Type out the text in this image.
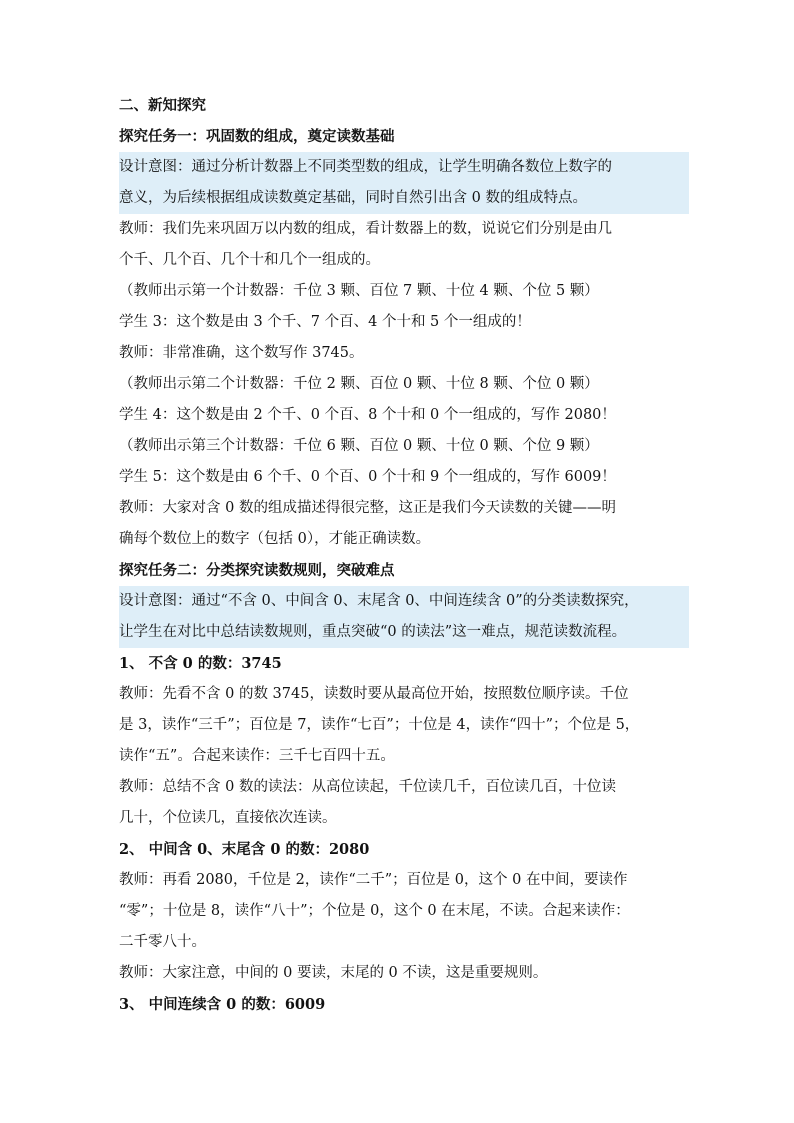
二、新知探究
探究任务一：巩固数的组成，奠定读数基础
设计意图：通过分析计数器上不同类型数的组成，让学生明确各数位上数字的
意义，为后续根据组成读数奠定基础，同时自然引出含 0 数的组成特点。
教师：我们先来巩固万以内数的组成，看计数器上的数，说说它们分别是由几
个千、几个百、几个十和几个一组成的。
（教师出示第一个计数器：千位 3 颗、百位 7 颗、十位 4 颗、个位 5 颗）
学生 3：这个数是由 3 个千、7 个百、4 个十和 5 个一组成的！
教师：非常准确，这个数写作 3745。
（教师出示第二个计数器：千位 2 颗、百位 0 颗、十位 8 颗、个位 0 颗）
学生 4：这个数是由 2 个千、0 个百、8 个十和 0 个一组成的，写作 2080！
（教师出示第三个计数器：千位 6 颗、百位 0 颗、十位 0 颗、个位 9 颗）
学生 5：这个数是由 6 个千、0 个百、0 个十和 9 个一组成的，写作 6009！
教师：大家对含 0 数的组成描述得很完整，这正是我们今天读数的关键——明
确每个数位上的数字（包括 0），才能正确读数。
探究任务二：分类探究读数规则，突破难点
设计意图：通过“不含 0、中间含 0、末尾含 0、中间连续含 0”的分类读数探究，
让学生在对比中总结读数规则，重点突破“0 的读法”这一难点，规范读数流程。
1、 不含 0 的数：3745
教师：先看不含 0 的数 3745，读数时要从最高位开始，按照数位顺序读。千位
是 3，读作“三千”；百位是 7，读作“七百”；十位是 4，读作“四十”；个位是 5，
读作“五”。合起来读作：三千七百四十五。
教师：总结不含 0 数的读法：从高位读起，千位读几千，百位读几百，十位读
几十，个位读几，直接依次连读。
2、 中间含 0、末尾含 0 的数：2080
教师：再看 2080，千位是 2，读作“二千”；百位是 0，这个 0 在中间，要读作
“零”；十位是 8，读作“八十”；个位是 0，这个 0 在末尾，不读。合起来读作：
二千零八十。
教师：大家注意，中间的 0 要读，末尾的 0 不读，这是重要规则。
3、 中间连续含 0 的数：6009
